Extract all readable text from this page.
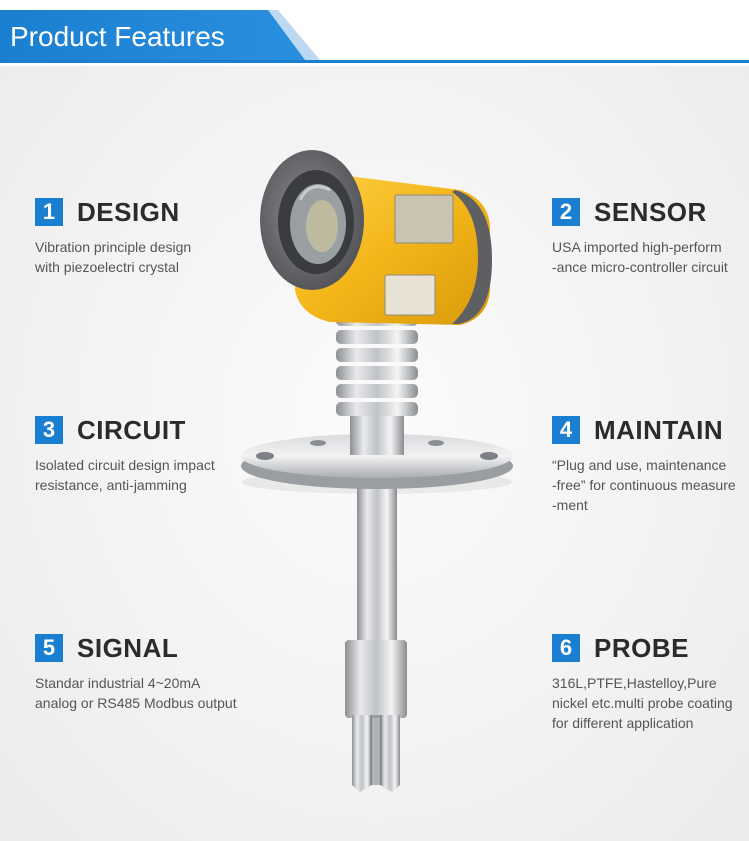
Product Features
1 DESIGN
Vibration principle design
with piezoelectri crystal
2 SENSOR
USA imported high-perform
-ance micro-controller circuit
3 CIRCUIT
Isolated circuit design impact
resistance, anti-jamming
4 MAINTAIN
“Plug and use, maintenance
-free” for continuous measure
-ment
5 SIGNAL
Standar industrial 4~20mA
analog or RS485 Modbus output
6 PROBE
316L,PTFE,Hastelloy,Pure
nickel etc.multi probe coating
for different application
